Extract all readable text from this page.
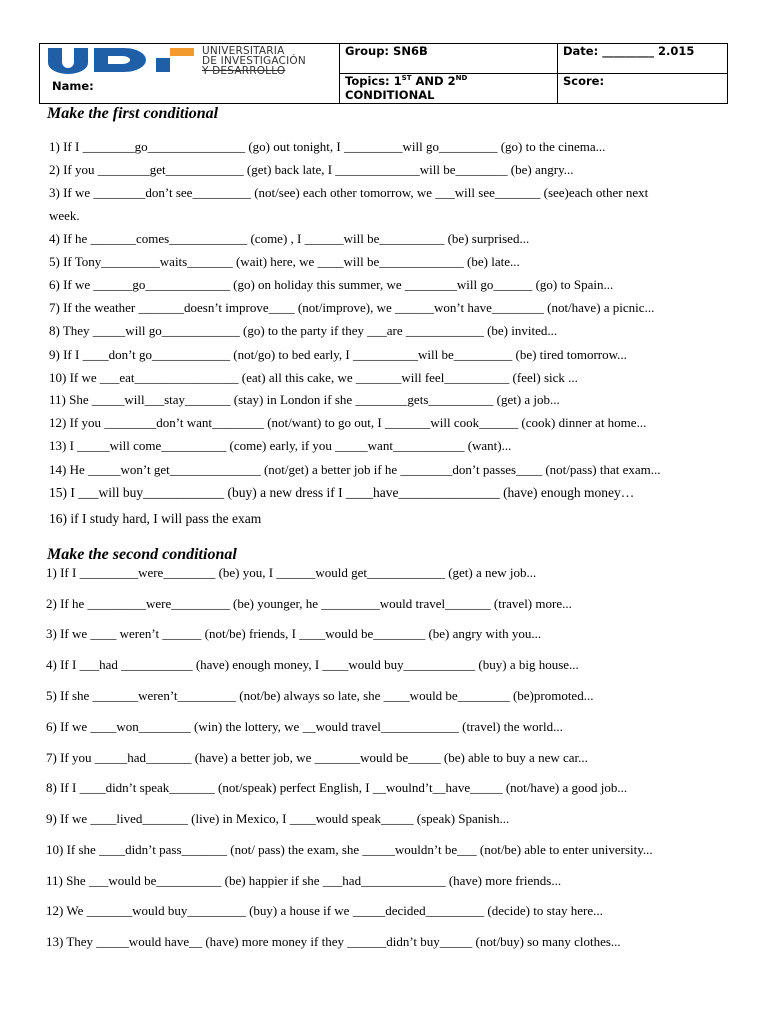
UNIVERSITARIA
DE INVESTIGACIÓN
Y DESARROLLO
Name:	Group: SN6B	Date: _________ 2.015
	Topics: 1ST AND 2ND CONDITIONAL	Score:
Make the first conditional
1) If I ________go_______________ (go) out tonight, I _________will go_________ (go) to the cinema...
2) If you ________get____________ (get) back late, I _____________will be________ (be) angry...
3) If we ________don’t see_________ (not/see) each other tomorrow, we ___will see_______ (see)each other next
week.
4) If he _______comes____________ (come) , I ______will be__________ (be) surprised...
5) If Tony_________waits_______ (wait) here, we ____will be_____________ (be) late...
6) If we ______go_____________ (go) on holiday this summer, we ________will go______ (go) to Spain...
7) If the weather _______doesn’t improve____ (not/improve), we ______won’t have________ (not/have) a picnic...
8) They _____will go____________ (go) to the party if they ___are ____________ (be) invited...
9) If I ____don’t go____________ (not/go) to bed early, I __________will be_________ (be) tired tomorrow...
10) If we ___eat________________ (eat) all this cake, we _______will feel__________ (feel) sick ...
11) She _____will___stay_______ (stay) in London if she ________gets__________ (get) a job...
12) If you ________don’t want________ (not/want) to go out, I _______will cook______ (cook) dinner at home...
13) I _____will come__________ (come) early, if you _____want___________ (want)...
14) He _____won’t get______________ (not/get) a better job if he ________don’t passes____ (not/pass) that exam...
15) I ___will buy____________ (buy) a new dress if I ____have_______________ (have) enough money…
16) if I study hard, I will pass the exam
Make the second conditional
1) If I _________were________ (be) you, I ______would get____________ (get) a new job...
2) If he _________were_________ (be) younger, he _________would travel_______ (travel) more...
3) If we ____ weren’t ______ (not/be) friends, I ____would be________ (be) angry with you...
4) If I ___had ___________ (have) enough money, I ____would buy___________ (buy) a big house...
5) If she _______weren’t_________ (not/be) always so late, she ____would be________ (be)promoted...
6) If we ____won________ (win) the lottery, we __would travel____________ (travel) the world...
7) If you _____had_______ (have) a better job, we _______would be_____ (be) able to buy a new car...
8) If I ____didn’t speak_______ (not/speak) perfect English, I __woulnd’t__have_____ (not/have) a good job...
9) If we ____lived_______ (live) in Mexico, I ____would speak_____ (speak) Spanish...
10) If she ____didn’t pass_______ (not/ pass) the exam, she _____wouldn’t be___ (not/be) able to enter university...
11) She ___would be__________ (be) happier if she ___had_____________ (have) more friends...
12) We _______would buy_________ (buy) a house if we _____decided_________ (decide) to stay here...
13) They _____would have__ (have) more money if they ______didn’t buy_____ (not/buy) so many clothes...
